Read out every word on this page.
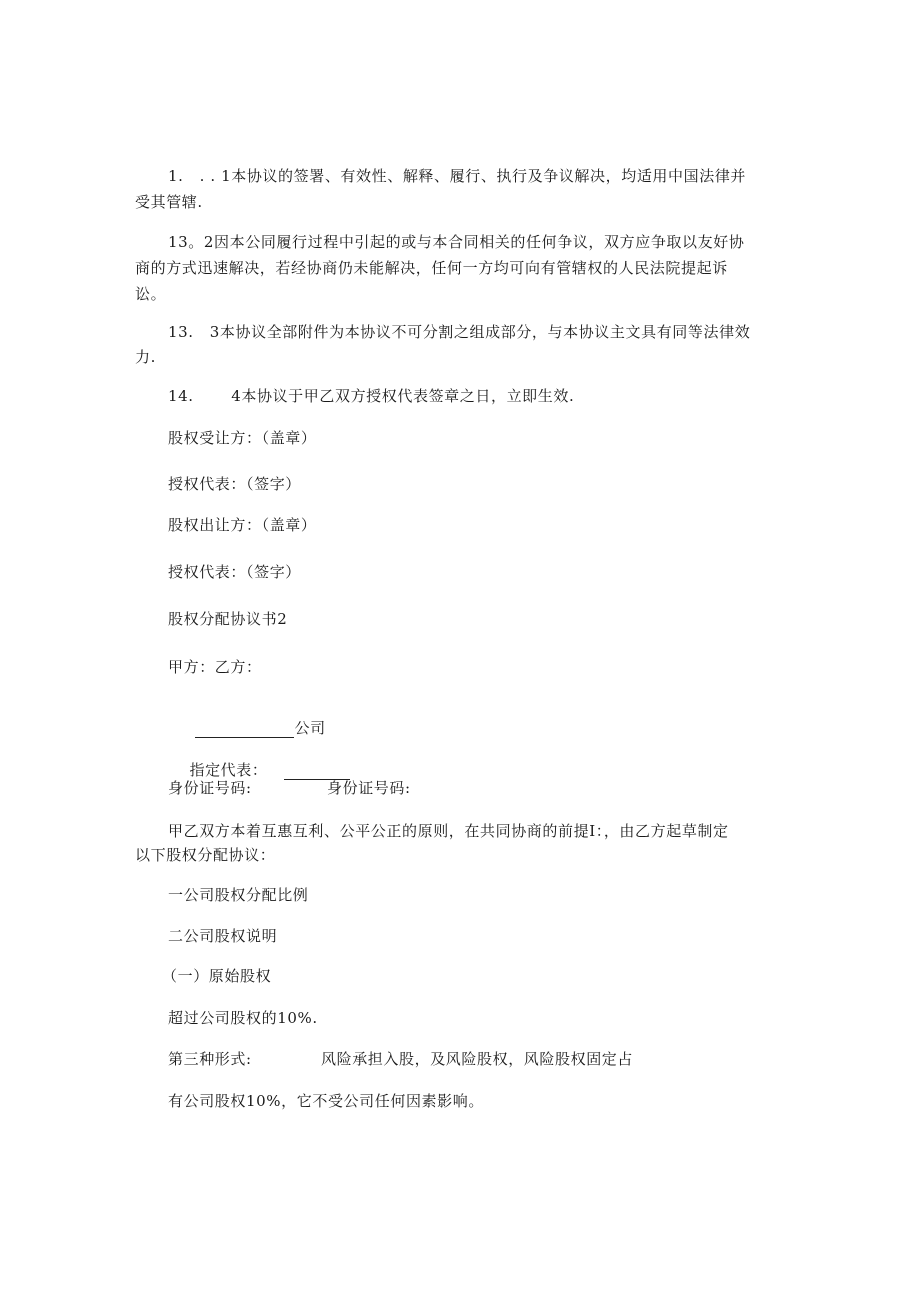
1.   . . 1本协议的签署、有效性、解释、履行、执行及争议解决，均适用中国法律并
受其管辖.
13。2因本公同履行过程中引起的或与本合同相关的任何争议，双方应争取以友好协
商的方式迅速解决，若经协商仍未能解决，任何一方均可向有管辖权的人民法院提起诉
讼。
13.   3本协议全部附件为本协议不可分割之组成部分，与本协议主文具有同等法律效
力.
14.       4本协议于甲乙双方授权代表签章之日，立即生效.
股权受让方：（盖章）
授权代表：（签字）
股权出让方：（盖章）
授权代表：（签字）
股权分配协议书2
甲方：乙方：

公司

指定代表：

身份证号码:	身份证号码:
甲乙双方本着互惠互利、公平公正的原则，在共同协商的前提I：，由乙方起草制定
以下股权分配协议：
一公司股权分配比例
二公司股权说明
（一）原始股权
超过公司股权的10%.
第三种形式:	风险承担入股，及风险股权，风险股权固定占
有公司股权10%，它不受公司任何因素影响。
